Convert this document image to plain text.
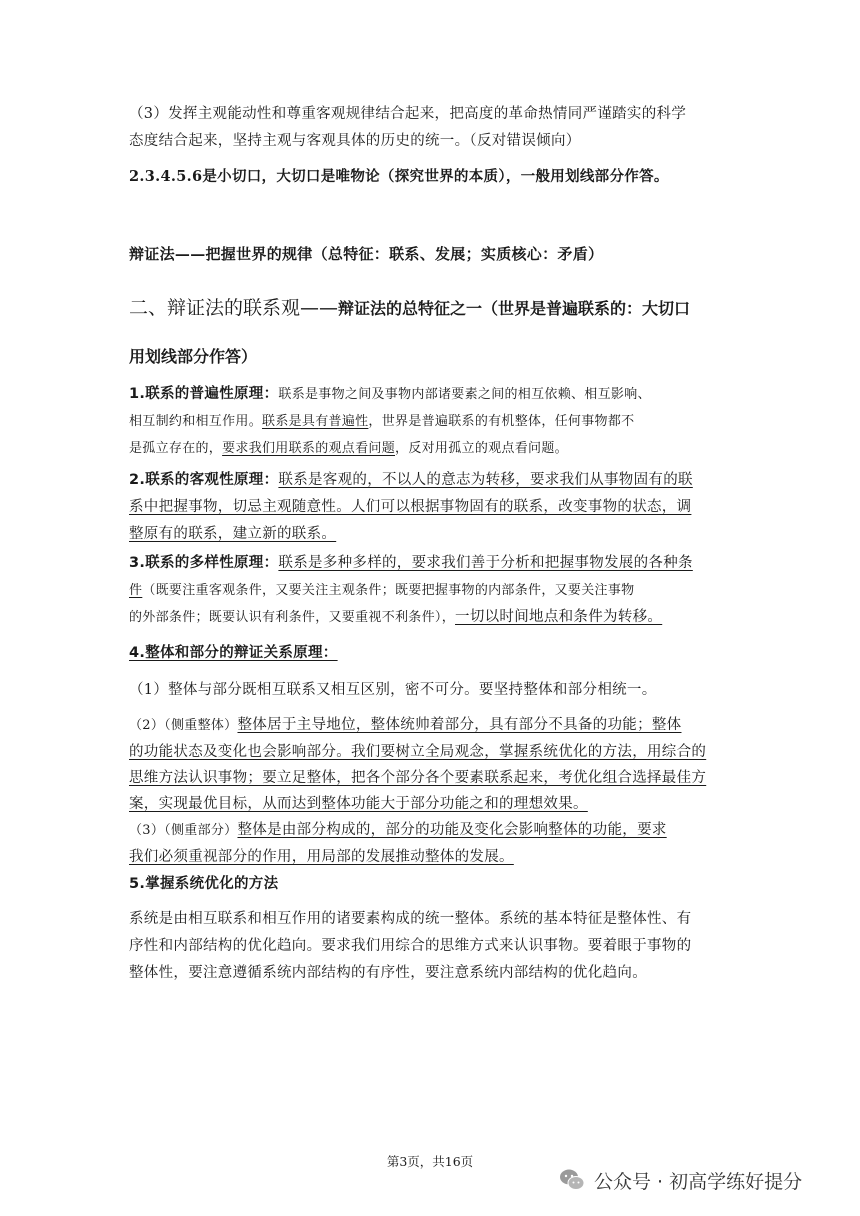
（3）发挥主观能动性和尊重客观规律结合起来，把高度的革命热情同严谨踏实的科学
态度结合起来，坚持主观与客观具体的历史的统一。（反对错误倾向）
2.3.4.5.6是小切口，大切口是唯物论（探究世界的本质），一般用划线部分作答。
辩证法——把握世界的规律（总特征：联系、发展；实质核心：矛盾）
二、辩证法的联系观——辩证法的总特征之一（世界是普遍联系的：大切口
用划线部分作答）
1.联系的普遍性原理：联系是事物之间及事物内部诸要素之间的相互依赖、相互影响、
相互制约和相互作用。联系是具有普遍性，世界是普遍联系的有机整体，任何事物都不
是孤立存在的，要求我们用联系的观点看问题，反对用孤立的观点看问题。
2.联系的客观性原理：联系是客观的，不以人的意志为转移，要求我们从事物固有的联
系中把握事物，切忌主观随意性。人们可以根据事物固有的联系，改变事物的状态，调
整原有的联系，建立新的联系。
3.联系的多样性原理：联系是多种多样的，要求我们善于分析和把握事物发展的各种条
件（既要注重客观条件，又要关注主观条件；既要把握事物的内部条件，又要关注事物
的外部条件；既要认识有利条件，又要重视不利条件），一切以时间地点和条件为转移。
4.整体和部分的辩证关系原理：
（1）整体与部分既相互联系又相互区别，密不可分。要坚持整体和部分相统一。
（2）（侧重整体）整体居于主导地位，整体统帅着部分，具有部分不具备的功能；整体
的功能状态及变化也会影响部分。我们要树立全局观念，掌握系统优化的方法，用综合的
思维方法认识事物；要立足整体，把各个部分各个要素联系起来，考优化组合选择最佳方
案，实现最优目标，从而达到整体功能大于部分功能之和的理想效果。
（3）（侧重部分）整体是由部分构成的，部分的功能及变化会影响整体的功能，要求
我们必须重视部分的作用，用局部的发展推动整体的发展。
5.掌握系统优化的方法
系统是由相互联系和相互作用的诸要素构成的统一整体。系统的基本特征是整体性、有
序性和内部结构的优化趋向。要求我们用综合的思维方式来认识事物。要着眼于事物的
整体性，要注意遵循系统内部结构的有序性，要注意系统内部结构的优化趋向。
第3页，共16页
公众号 · 初高学练好提分
